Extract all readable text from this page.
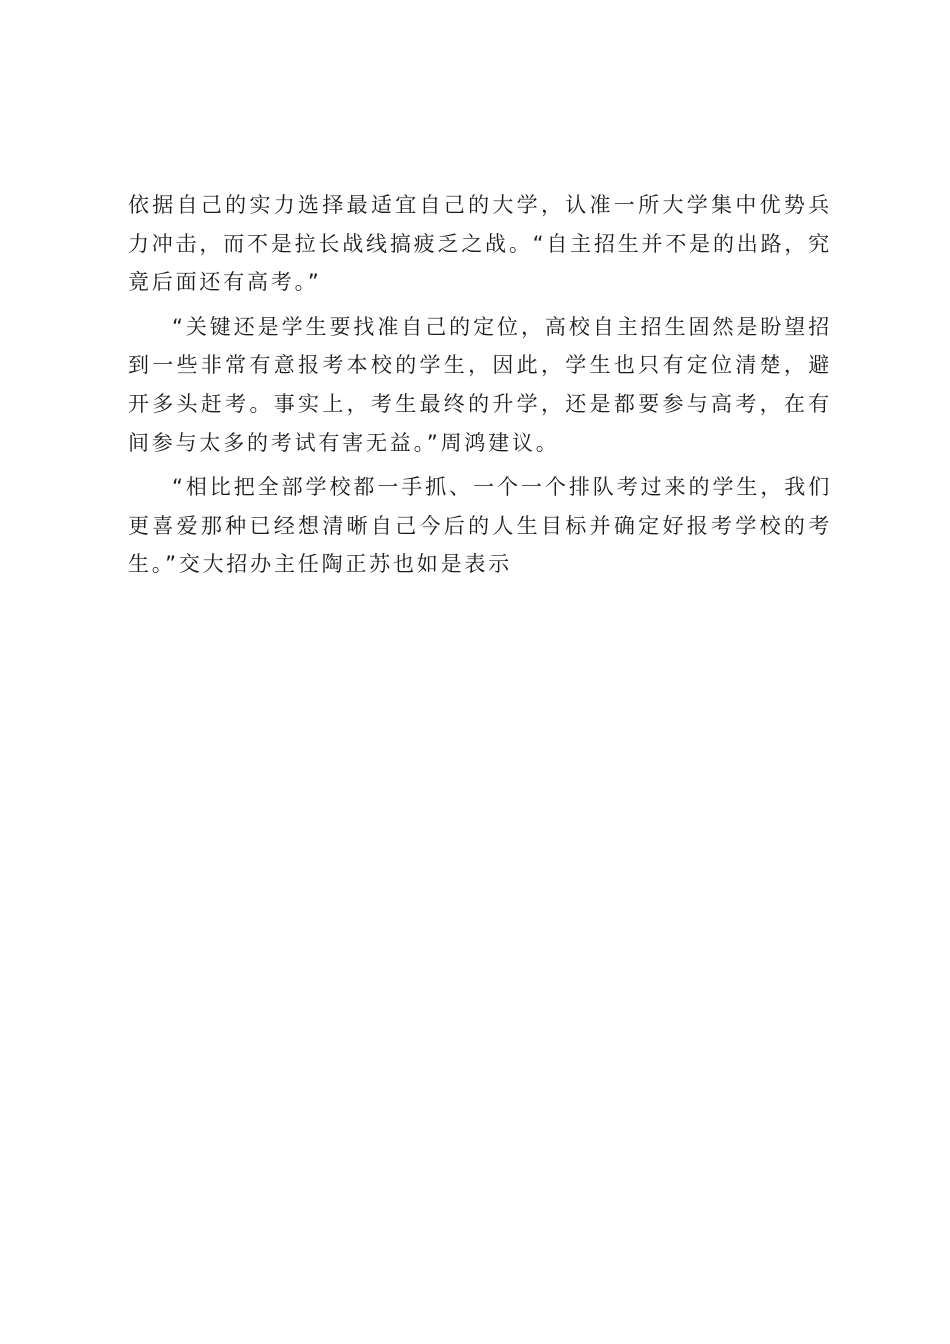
依据自己的实力选择最适宜自己的大学，认准一所大学集中优势兵力冲击，而不是拉长战线搞疲乏之战。“自主招生并不是的出路，究竟后面还有高考。”

“关键还是学生要找准自己的定位，高校自主招生固然是盼望招到一些非常有意报考本校的学生，因此，学生也只有定位清楚，避开多头赶考。事实上，考生最终的升学，还是都要参与高考，在有间参与太多的考试有害无益。”周鸿建议。

“相比把全部学校都一手抓、一个一个排队考过来的学生，我们更喜爱那种已经想清晰自己今后的人生目标并确定好报考学校的考生。”交大招办主任陶正苏也如是表示
